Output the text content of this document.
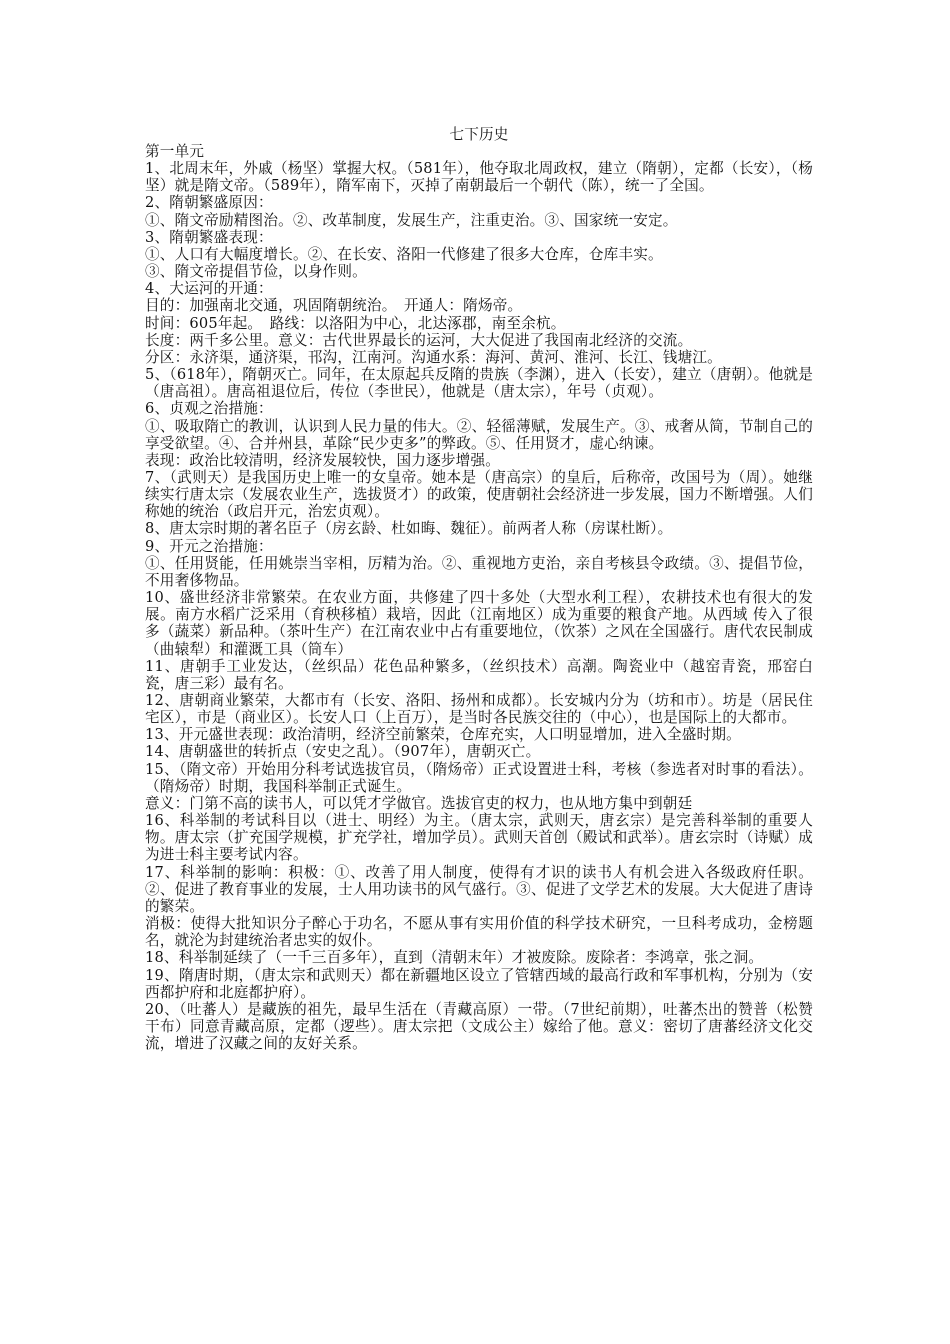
七下历史

第一单元

1、北周末年，外戚（杨坚）掌握大权。（581年），他夺取北周政权，建立（隋朝），定都（长安），（杨坚）就是隋文帝。（589年），隋军南下，灭掉了南朝最后一个朝代（陈），统一了全国。

2、隋朝繁盛原因：

①、隋文帝励精图治。②、改革制度，发展生产，注重吏治。③、国家统一安定。

3、隋朝繁盛表现：

①、人口有大幅度增长。②、在长安、洛阳一代修建了很多大仓库，仓库丰实。

③、隋文帝提倡节俭，以身作则。

4、大运河的开通：

目的：加强南北交通，巩固隋朝统治。　开通人：隋炀帝。

时间：605年起。　路线：以洛阳为中心，北达涿郡，南至余杭。

长度：两千多公里。意义：古代世界最长的运河，大大促进了我国南北经济的交流。

分区：永济渠，通济渠，邗沟，江南河。沟通水系：海河、黄河、淮河、长江、钱塘江。

5、（618年），隋朝灭亡。同年，在太原起兵反隋的贵族（李渊），进入（长安），建立（唐朝）。他就是（唐高祖）。唐高祖退位后，传位（李世民），他就是（唐太宗），年号（贞观）。

6、贞观之治措施：

①、吸取隋亡的教训，认识到人民力量的伟大。②、轻徭薄赋，发展生产。③、戒奢从简，节制自己的享受欲望。④、合并州县，革除“民少吏多”的弊政。⑤、任用贤才，虚心纳谏。

表现：政治比较清明，经济发展较快，国力逐步增强。

7、（武则天）是我国历史上唯一的女皇帝。她本是（唐高宗）的皇后，后称帝，改国号为（周）。她继续实行唐太宗（发展农业生产，选拔贤才）的政策，使唐朝社会经济进一步发展，国力不断增强。人们称她的统治（政启开元，治宏贞观）。

8、唐太宗时期的著名臣子（房玄龄、杜如晦、魏征）。前两者人称（房谋杜断）。

9、开元之治措施：

①、任用贤能，任用姚崇当宰相，厉精为治。②、重视地方吏治，亲自考核县令政绩。③、提倡节俭，不用奢侈物品。

10、盛世经济非常繁荣。在农业方面，共修建了四十多处（大型水利工程），农耕技术也有很大的发展。南方水稻广泛采用（育秧移植）栽培，因此（江南地区）成为重要的粮食产地。从西域 传入了很多（蔬菜）新品种。（茶叶生产）在江南农业中占有重要地位，（饮茶）之风在全国盛行。唐代农民制成（曲辕犁）和灌溉工具（筒车）

11、唐朝手工业发达，（丝织品）花色品种繁多，（丝织技术）高潮。陶瓷业中（越窑青瓷，邢窑白瓷，唐三彩）最有名。

12、唐朝商业繁荣，大都市有（长安、洛阳、扬州和成都）。长安城内分为（坊和市）。坊是（居民住宅区），市是（商业区）。长安人口（上百万），是当时各民族交往的（中心），也是国际上的大都市。

13、开元盛世表现：政治清明，经济空前繁荣，仓库充实，人口明显增加，进入全盛时期。

14、唐朝盛世的转折点（安史之乱）。（907年），唐朝灭亡。

15、（隋文帝）开始用分科考试选拔官员，（隋炀帝）正式设置进士科，考核（参选者对时事的看法）。（隋炀帝）时期，我国科举制正式诞生。

意义：门第不高的读书人，可以凭才学做官。选拔官吏的权力，也从地方集中到朝廷

16、科举制的考试科目以（进士、明经）为主。（唐太宗，武则天，唐玄宗）是完善科举制的重要人物。唐太宗（扩充国学规模，扩充学社，增加学员）。武则天首创（殿试和武举）。唐玄宗时（诗赋）成为进士科主要考试内容。

17、科举制的影响：积极：①、改善了用人制度，使得有才识的读书人有机会进入各级政府任职。②、促进了教育事业的发展，士人用功读书的风气盛行。③、促进了文学艺术的发展。大大促进了唐诗的繁荣。

消极：使得大批知识分子醉心于功名，不愿从事有实用价值的科学技术研究，一旦科考成功，金榜题名，就沦为封建统治者忠实的奴仆。

18、科举制延续了（一千三百多年），直到（清朝末年）才被废除。废除者：李鸿章，张之洞。

19、隋唐时期，（唐太宗和武则天）都在新疆地区设立了管辖西域的最高行政和军事机构，分别为（安西都护府和北庭都护府）。

20、（吐蕃人）是藏族的祖先，最早生活在（青藏高原）一带。（7世纪前期），吐蕃杰出的赞普（松赞干布）同意青藏高原，定都（逻些）。唐太宗把（文成公主）嫁给了他。意义：密切了唐蕃经济文化交流，增进了汉藏之间的友好关系。
